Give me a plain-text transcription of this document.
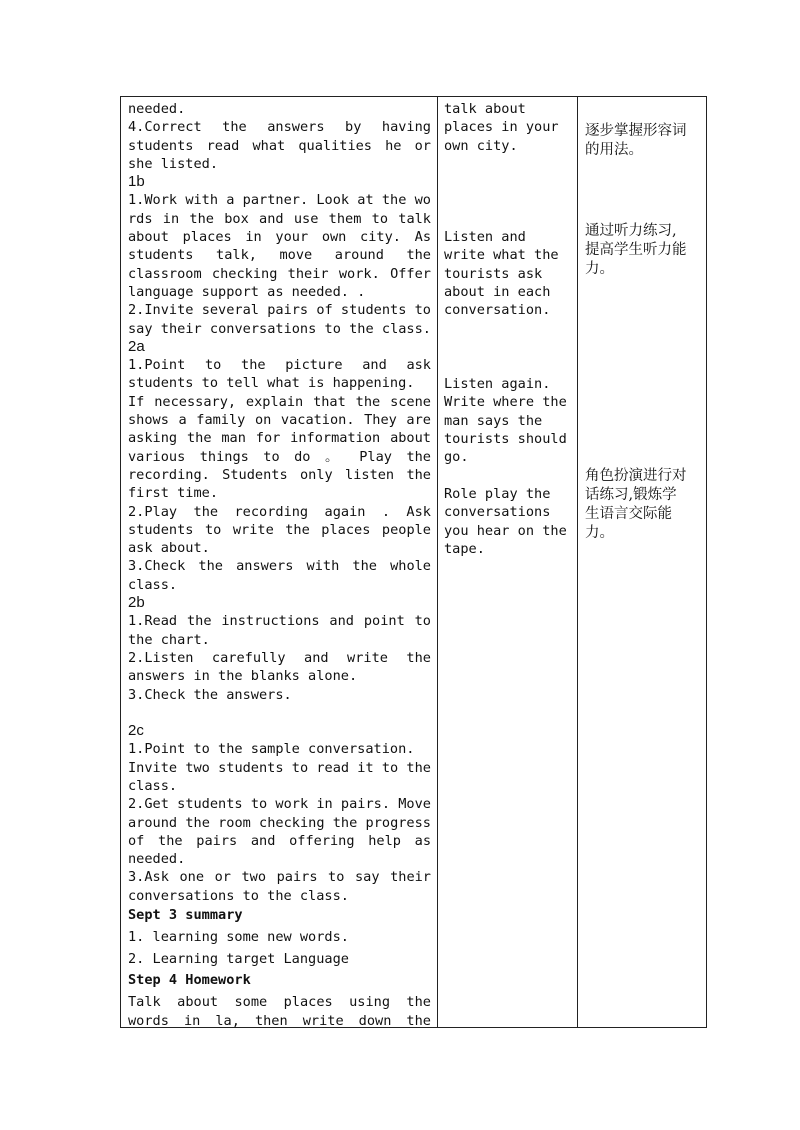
needed.
4.Correct the answers by having
students read what qualities he or
she listed.
1b
1.Work with a partner. Look at the wo
rds in the box and use them to talk
about places in your own city. As
students talk, move around the
classroom checking their work. Offer
language support as needed. .
2.Invite several pairs of students to
say their conversations to the class.
2a
1.Point to the picture and ask
students to tell what is happening.
If necessary, explain that the scene
shows a family on vacation. They are
asking the man for information about
various things to do 。 Play the
recording. Students only listen the
first time.
2.Play the recording again . Ask
students to write the places people
ask about.
3.Check the answers with the whole
class.
2b
1.Read the instructions and point to
the chart.
2.Listen carefully and write the
answers in the blanks alone.
3.Check the answers.
2c
1.Point to the sample conversation.
Invite two students to read it to the
class.
2.Get students to work in pairs. Move
around the room checking the progress
of the pairs and offering help as
needed.
3.Ask one or two pairs to say their
conversations to the class.
Sept 3 summary
1. learning some new words.
2. Learning target Language
Step 4 Homework
Talk about some places using the
words in la, then write down the
talk about
places in your
own city.
Listen and
write what the
tourists ask
about in each
conversation.
Listen again.
Write where the
man says the
tourists should
go.
Role play the
conversations
you hear on the
tape.
逐步掌握形容词
的用法。
通过听力练习,
提高学生听力能
力。
角色扮演进行对
话练习,锻炼学
生语言交际能
力。
